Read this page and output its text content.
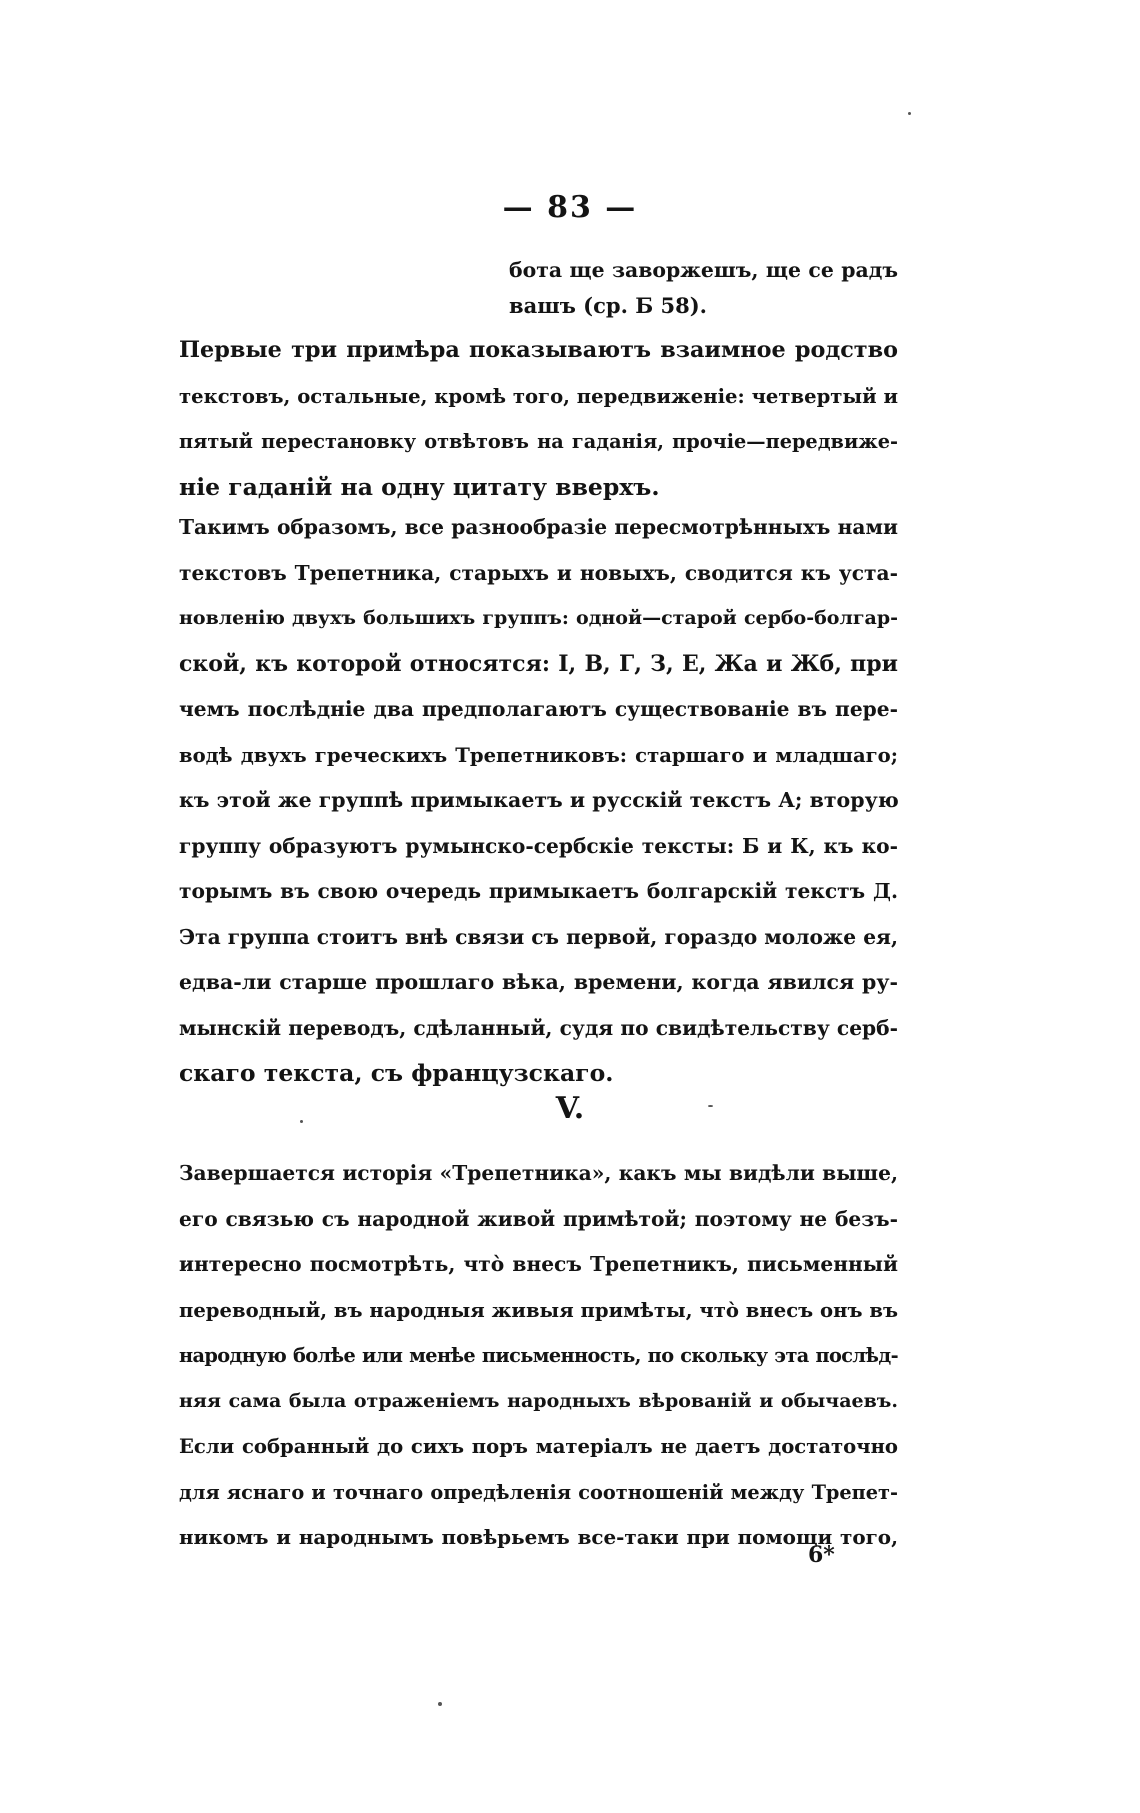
— 83 —
бота ще заворжешъ, ще се радъ
вашъ (ср. Б 58).
Первые три примѣра показываютъ взаимное родство
текстовъ, остальные, кромѣ того, передвиженіе: четвертый и
пятый перестановку отвѣтовъ на гаданія, прочіе—передвиже-
ніе гаданій на одну цитату вверхъ.
Такимъ образомъ, все разнообразіе пересмотрѣнныхъ нами
текстовъ Трепетника, старыхъ и новыхъ, сводится къ уста-
новленію двухъ большихъ группъ: одной—старой сербо-болгар-
ской, къ которой относятся: І, В, Г, З, Е, Жа и Жб, при
чемъ послѣдніе два предполагаютъ существованіе въ пере-
водѣ двухъ греческихъ Трепетниковъ: старшаго и младшаго;
къ этой же группѣ примыкаетъ и русскій текстъ А; вторую
группу образуютъ румынско-сербскіе тексты: Б и К, къ ко-
торымъ въ свою очередь примыкаетъ болгарскій текстъ Д.
Эта группа стоитъ внѣ связи съ первой, гораздо моложе ея,
едва-ли старше прошлаго вѣка, времени, когда явился ру-
мынскій переводъ, сдѣланный, судя по свидѣтельству серб-
скаго текста, съ французскаго.
V.
Завершается исторія «Трепетника», какъ мы видѣли выше,
его связью съ народной живой примѣтой; поэтому не безъ-
интересно посмотрѣть, что̀ внесъ Трепетникъ, письменный
переводный, въ народныя живыя примѣты, что̀ внесъ онъ въ
народную болѣе или менѣе письменность, по скольку эта послѣд-
няя сама была отраженіемъ народныхъ вѣрованій и обычаевъ.
Если собранный до сихъ поръ матеріалъ не даетъ достаточно
для яснаго и точнаго опредѣленія соотношеній между Трепет-
никомъ и народнымъ повѣрьемъ все-таки при помощи того,
6*
